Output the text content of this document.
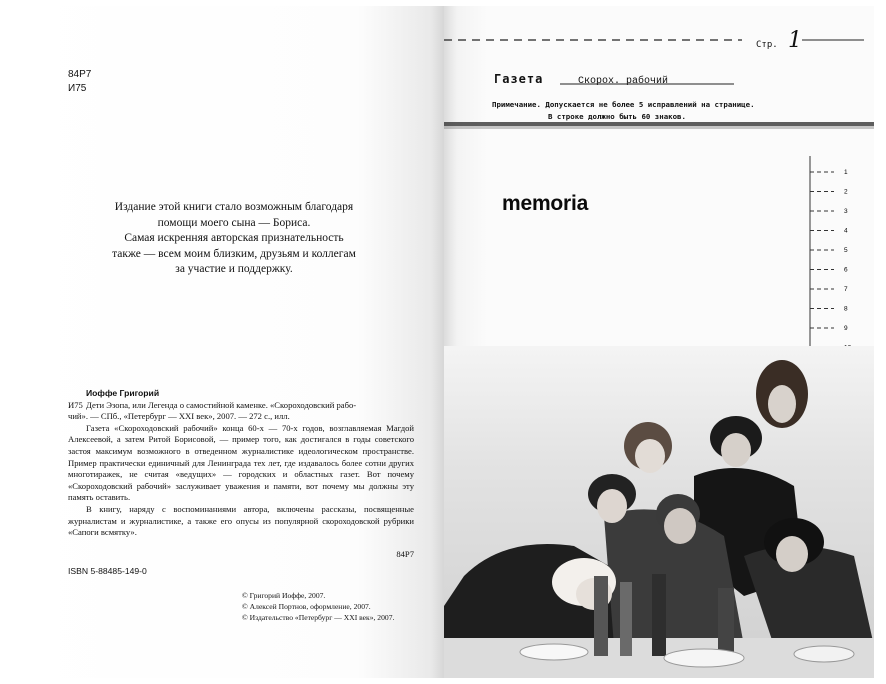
84Р7
И75
Издание этой книги стало возможным благодаря
помощи моего сына — Бориса.
Самая искренняя авторская признательность
также — всем моим близким, друзьям и коллегам
за участие и поддержку.
Иоффе Григорий
И75 Дети Эзопа, или Легенда о самостийной каменке. «Скороходовский рабо-
чий». — СПб., «Петербург — XXI век», 2007. — 272 с., илл.

Газета «Скороходовский рабочий» конца 60-х — 70-х годов, возглавляемая Магдой Алексеевой, а затем Ритой Борисовой, — пример того, как достигался в годы советского застоя максимум возможного в отведенном журналистике идеологическом пространстве. Пример практически единичный для Ленинграда тех лет, где издавалось более сотни других многотиражек, не считая «ведущих» — городских и областных газет. Вот почему «Скороходовский рабочий» заслуживает уважения и памяти, вот почему мы должны эту память оставить.

В книгу, наряду с воспоминаниями автора, включены рассказы, посвященные журналистам и журналистике, а также его опусы из популярной скороходовской рубрики «Сапоги всмятку».

84Р7
ISBN 5-88485-149-0
© Григорий Иоффе, 2007.
© Алексей Портнов, оформление, 2007.
© Издательство «Петербург — XXI век», 2007.
Стр. 1
Газета	Скорох. рабочий
Примечание. Допускается не более 5 исправлений на странице.
В строке должно быть 60 знаков.
1
2
3
4
5
6
7
8
9
memoria
